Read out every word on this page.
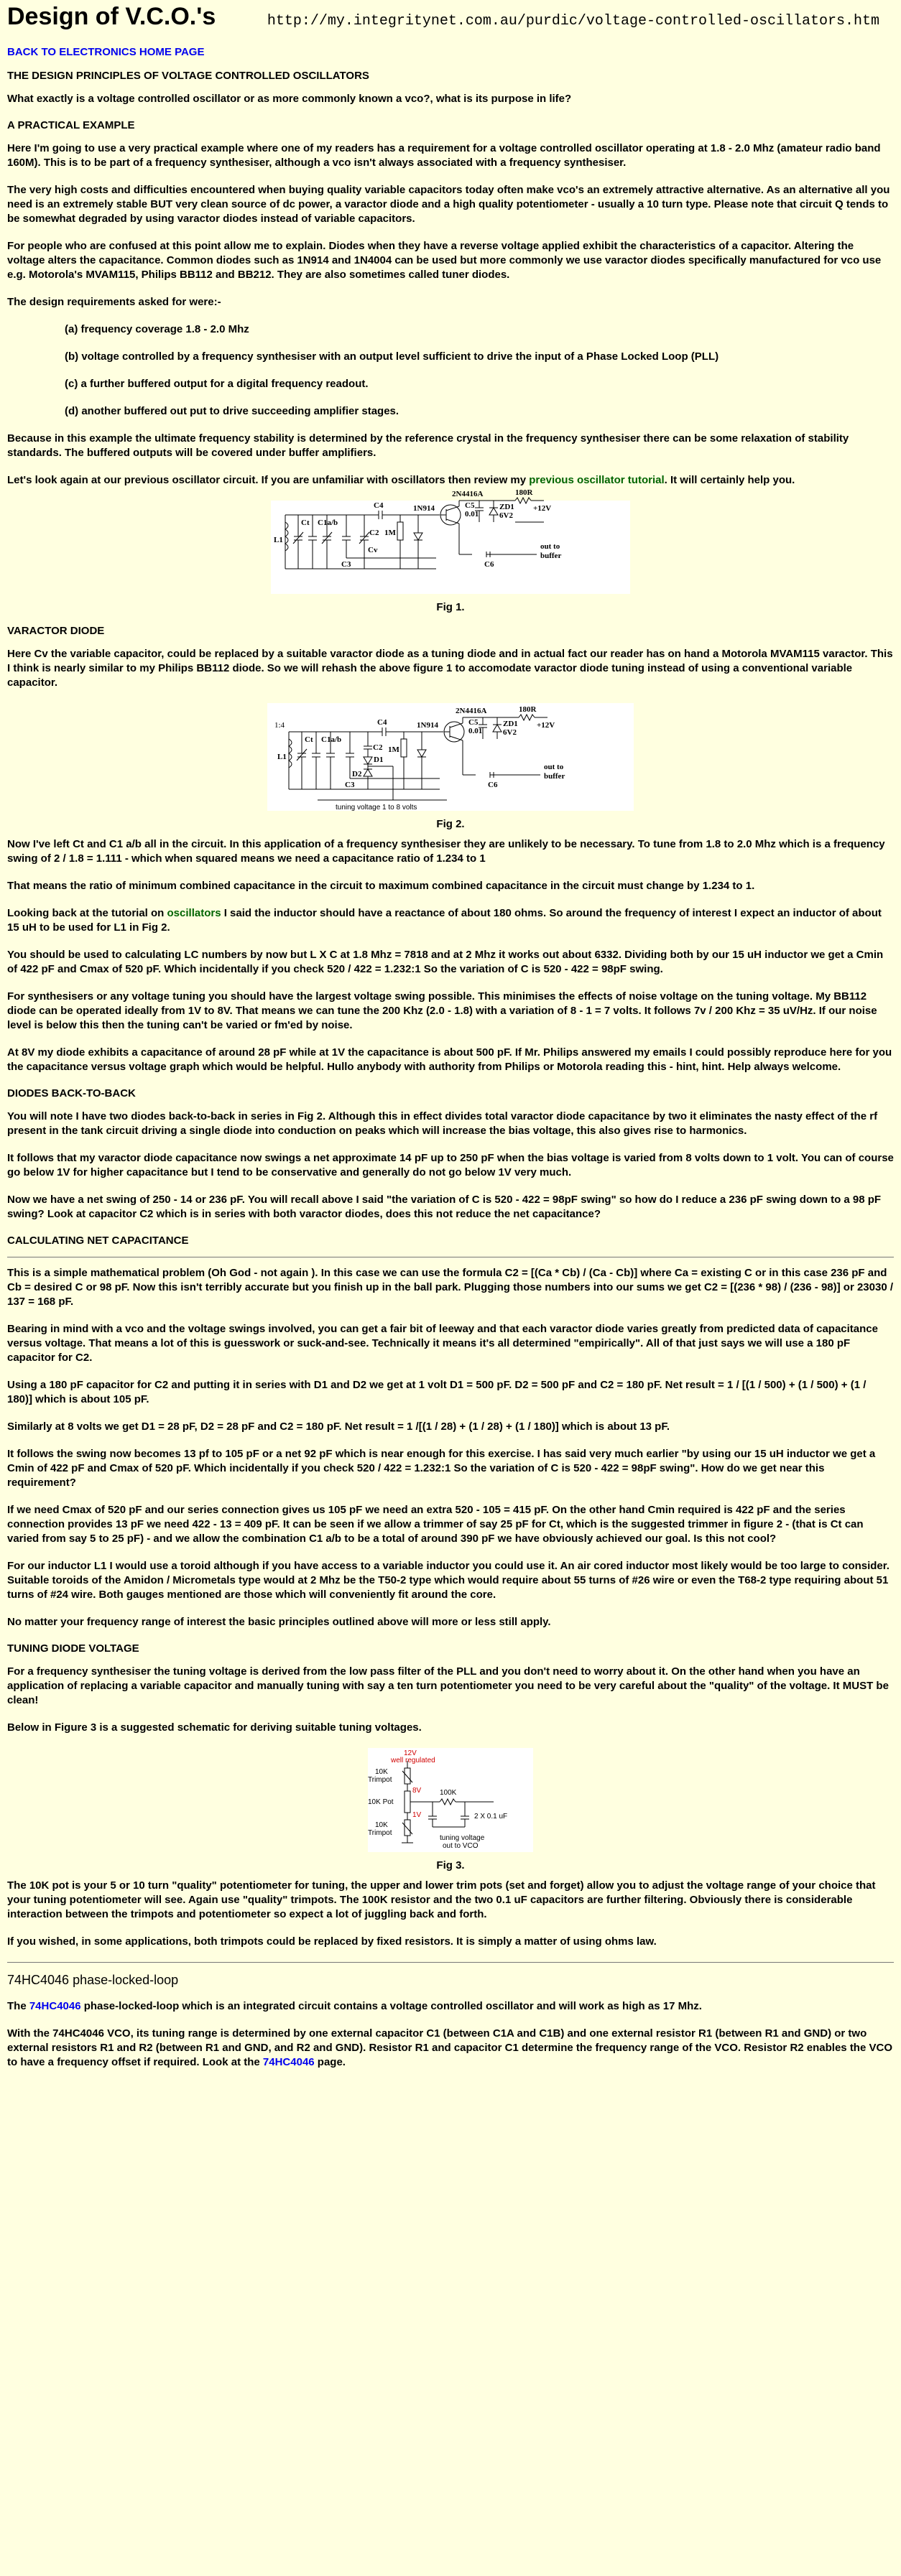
Design of V.C.O.'s	http://my.integritynet.com.au/purdic/voltage-controlled-oscillators.htm
BACK TO ELECTRONICS HOME PAGE
THE DESIGN PRINCIPLES OF VOLTAGE CONTROLLED OSCILLATORS

What exactly is a voltage controlled oscillator or as more commonly known a vco?, what is its purpose in life?

A PRACTICAL EXAMPLE

Here I'm going to use a very practical example where one of my readers has a requirement for a voltage controlled oscillator operating at 1.8 - 2.0 Mhz (amateur radio band 160M). This is to be part of a frequency synthesiser, although a vco isn't always associated with a frequency synthesiser.

The very high costs and difficulties encountered when buying quality variable capacitors today often make vco's an extremely attractive alternative. As an alternative all you need is an extremely stable BUT very clean source of dc power, a varactor diode and a high quality potentiometer - usually a 10 turn type. Please note that circuit Q tends to be somewhat degraded by using varactor diodes instead of variable capacitors.

For people who are confused at this point allow me to explain. Diodes when they have a reverse voltage applied exhibit the characteristics of a capacitor. Altering the voltage alters the capacitance. Common diodes such as 1N914 and 1N4004 can be used but more commonly we use varactor diodes specifically manufactured for vco use e.g. Motorola's MVAM115, Philips BB112 and BB212. They are also sometimes called tuner diodes.

The design requirements asked for were:-

(a) frequency coverage 1.8 - 2.0 Mhz
(b) voltage controlled by a frequency synthesiser with an output level sufficient to drive the input of a Phase Locked Loop (PLL)
(c) a further buffered output for a digital frequency readout.
(d) another buffered out put to drive succeeding amplifier stages.

Because in this example the ultimate frequency stability is determined by the reference crystal in the frequency synthesiser there can be some relaxation of stability standards. The buffered outputs will be covered under buffer amplifiers.

Let's look again at our previous oscillator circuit. If you are unfamiliar with oscillators then review my previous oscillator tutorial. It will certainly help you.

2N4416A	180R
+12V
C5
0.01
ZD1
6V2
L1
Ct C1a/b
C4	1N914
C2 1M
C3
Cv
C6
out to
buffer
Fig 1.
VARACTOR DIODE

Here Cv the variable capacitor, could be replaced by a suitable varactor diode as a tuning diode and in actual fact our reader has on hand a Motorola MVAM115 varactor. This I think is nearly similar to my Philips BB112 diode. So we will rehash the above figure 1 to accomodate varactor diode tuning instead of using a conventional variable capacitor.

2N4416A	180R
+12V
C5
0.01
ZD1
6V2
1:4
L1
Ct C1a/b
C4	1N914
C2 1M
D1
D2
C3
tuning voltage 1 to 8 volts
C6
out to
buffer
Fig 2.

Now I've left Ct and C1 a/b all in the circuit. In this application of a frequency synthesiser they are unlikely to be necessary. To tune from 1.8 to 2.0 Mhz which is a frequency swing of 2 / 1.8 = 1.111 - which when squared means we need a capacitance ratio of 1.234 to 1

That means the ratio of minimum combined capacitance in the circuit to maximum combined capacitance in the circuit must change by 1.234 to 1.

Looking back at the tutorial on oscillators I said the inductor should have a reactance of about 180 ohms. So around the frequency of interest I expect an inductor of about 15 uH to be used for L1 in Fig 2.

You should be used to calculating LC numbers by now but L X C at 1.8 Mhz = 7818 and at 2 Mhz it works out about 6332. Dividing both by our 15 uH inductor we get a Cmin of 422 pF and Cmax of 520 pF. Which incidentally if you check 520 / 422 = 1.232:1 So the variation of C is 520 - 422 = 98pF swing.

For synthesisers or any voltage tuning you should have the largest voltage swing possible. This minimises the effects of noise voltage on the tuning voltage. My BB112 diode can be operated ideally from 1V to 8V. That means we can tune the 200 Khz (2.0 - 1.8) with a variation of 8 - 1 = 7 volts. It follows 7v / 200 Khz = 35 uV/Hz. If our noise level is below this then the tuning can't be varied or fm'ed by noise.

At 8V my diode exhibits a capacitance of around 28 pF while at 1V the capacitance is about 500 pF. If Mr. Philips answered my emails I could possibly reproduce here for you the capacitance versus voltage graph which would be helpful. Hullo anybody with authority from Philips or Motorola reading this - hint, hint. Help always welcome.

DIODES BACK-TO-BACK

You will note I have two diodes back-to-back in series in Fig 2. Although this in effect divides total varactor diode capacitance by two it eliminates the nasty effect of the rf present in the tank circuit driving a single diode into conduction on peaks which will increase the bias voltage, this also gives rise to harmonics.

It follows that my varactor diode capacitance now swings a net approximate 14 pF up to 250 pF when the bias voltage is varied from 8 volts down to 1 volt. You can of course go below 1V for higher capacitance but I tend to be conservative and generally do not go below 1V very much.

Now we have a net swing of 250 - 14 or 236 pF. You will recall above I said "the variation of C is 520 - 422 = 98pF swing" so how do I reduce a 236 pF swing down to a 98 pF swing? Look at capacitor C2 which is in series with both varactor diodes, does this not reduce the net capacitance?

CALCULATING NET CAPACITANCE

This is a simple mathematical problem (Oh God - not again ). In this case we can use the formula C2 = [(Ca * Cb) / (Ca - Cb)] where Ca = existing C or in this case 236 pF and Cb = desired C or 98 pF. Now this isn't terribly accurate but you finish up in the ball park. Plugging those numbers into our sums we get C2 = [(236 * 98) / (236 - 98)] or 23030 / 137 = 168 pF.

Bearing in mind with a vco and the voltage swings involved, you can get a fair bit of leeway and that each varactor diode varies greatly from predicted data of capacitance versus voltage. That means a lot of this is guesswork or suck-and-see. Technically it means it's all determined "empirically". All of that just says we will use a 180 pF capacitor for C2.

Using a 180 pF capacitor for C2 and putting it in series with D1 and D2 we get at 1 volt D1 = 500 pF. D2 = 500 pF and C2 = 180 pF. Net result = 1 / [(1 / 500) + (1 / 500) + (1 / 180)] which is about 105 pF.

Similarly at 8 volts we get D1 = 28 pF, D2 = 28 pF and C2 = 180 pF. Net result = 1 /[(1 / 28) + (1 / 28) + (1 / 180)] which is about 13 pF.

It follows the swing now becomes 13 pf to 105 pF or a net 92 pF which is near enough for this exercise. I has said very much earlier "by using our 15 uH inductor we get a Cmin of 422 pF and Cmax of 520 pF. Which incidentally if you check 520 / 422 = 1.232:1 So the variation of C is 520 - 422 = 98pF swing". How do we get near this requirement?

If we need Cmax of 520 pF and our series connection gives us 105 pF we need an extra 520 - 105 = 415 pF. On the other hand Cmin required is 422 pF and the series connection provides 13 pF we need 422 - 13 = 409 pF. It can be seen if we allow a trimmer of say 25 pF for Ct, which is the suggested trimmer in figure 2 - (that is Ct can varied from say 5 to 25 pF) - and we allow the combination C1 a/b to be a total of around 390 pF we have obviously achieved our goal. Is this not cool?

For our inductor L1 I would use a toroid although if you have access to a variable inductor you could use it. An air cored inductor most likely would be too large to consider. Suitable toroids of the Amidon / Micrometals type would at 2 Mhz be the T50-2 type which would require about 55 turns of #26 wire or even the T68-2 type requiring about 51 turns of #24 wire. Both gauges mentioned are those which will conveniently fit around the core.

No matter your frequency range of interest the basic principles outlined above will more or less still apply.

TUNING DIODE VOLTAGE

For a frequency synthesiser the tuning voltage is derived from the low pass filter of the PLL and you don't need to worry about it. On the other hand when you have an application of replacing a variable capacitor and manually tuning with say a ten turn potentiometer you need to be very careful about the "quality" of the voltage. It MUST be clean!

Below in Figure 3 is a suggested schematic for deriving suitable tuning voltages.

12V
well regulated
10K
Trimpot
10K Pot
8V
1V
100K
2 X 0.1 uF
10K
Trimpot
tuning voltage
out to VCO
Fig 3.

The 10K pot is your 5 or 10 turn "quality" potentiometer for tuning, the upper and lower trim pots (set and forget) allow you to adjust the voltage range of your choice that your tuning potentiometer will see. Again use "quality" trimpots. The 100K resistor and the two 0.1 uF capacitors are further filtering. Obviously there is considerable interaction between the trimpots and potentiometer so expect a lot of juggling back and forth.

If you wished, in some applications, both trimpots could be replaced by fixed resistors. It is simply a matter of using ohms law.

74HC4046 phase-locked-loop

The 74HC4046 phase-locked-loop which is an integrated circuit contains a voltage controlled oscillator and will work as high as 17 Mhz.

With the 74HC4046 VCO, its tuning range is determined by one external capacitor C1 (between C1A and C1B) and one external resistor R1 (between R1 and GND) or two external resistors R1 and R2 (between R1 and GND, and R2 and GND). Resistor R1 and capacitor C1 determine the frequency range of the VCO. Resistor R2 enables the VCO to have a frequency offset if required. Look at the 74HC4046 page.
